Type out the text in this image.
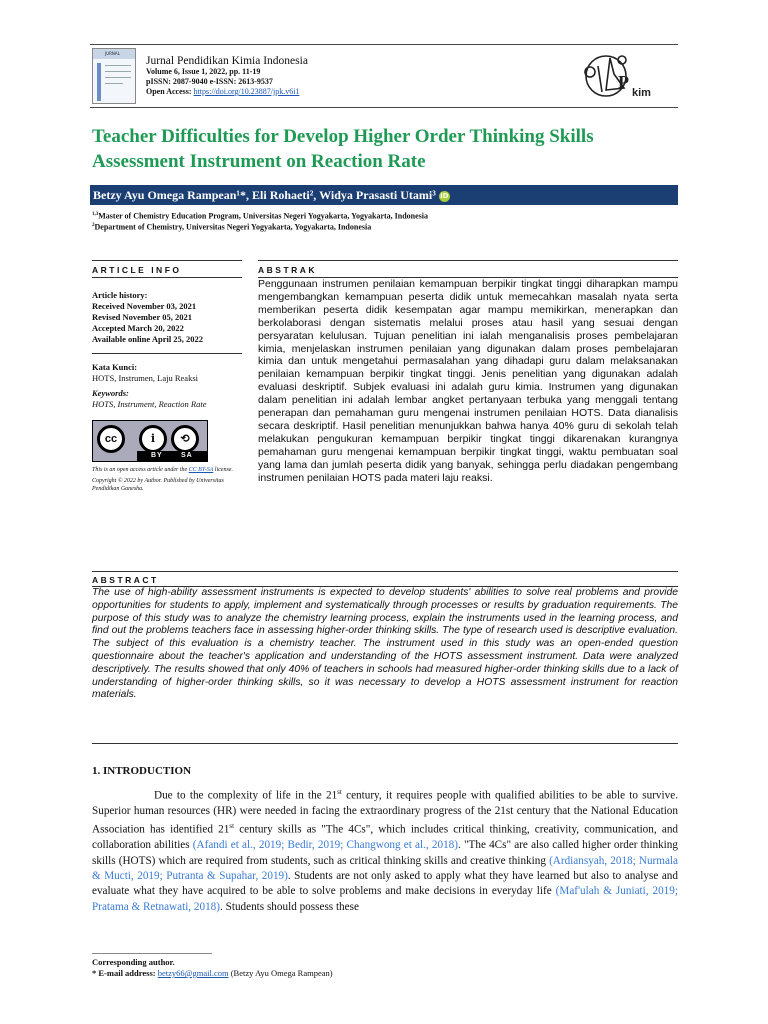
JURNAL
Jurnal Pendidikan Kimia Indonesia
Volume 6, Issue 1, 2022, pp. 11-19
pISSN: 2087-9040 e-ISSN: 2613-9537
Open Access: https://doi.org/10.23887/jpk.v6i1	P
kim
Teacher Difficulties for Develop Higher Order Thinking Skills
Assessment Instrument on Reaction Rate
Betzy Ayu Omega Rampean¹*, Eli Rohaeti², Widya Prasasti Utami³ iD
$^{1,3}$Master of Chemistry Education Program, Universitas Negeri Yogyakarta, Yogyakarta, Indonesia
$^2$Department of Chemistry, Universitas Negeri Yogyakarta, Yogyakarta, Indonesia
ARTICLE INFO	ABSTRAK
Article history:
Received November 03, 2021
Revised November 05, 2021
Accepted March 20, 2022
Available online April 25, 2022
Kata Kunci:
HOTS, Instrumen, Laju Reaksi
Keywords:
HOTS, Instrument, Reaction Rate
cc	i	⟲
BY	SA
This is an open access article under the CC BY-SA license.
Copyright © 2022 by Author. Published by Universitas Pendidikan Ganesha.
Penggunaan instrumen penilaian kemampuan berpikir tingkat tinggi diharapkan mampu mengembangkan kemampuan peserta didik untuk memecahkan masalah nyata serta memberikan peserta didik kesempatan agar mampu memikirkan, menerapkan dan berkolaborasi dengan sistematis melalui proses atau hasil yang sesuai dengan persyaratan kelulusan. Tujuan penelitian ini ialah menganalisis proses pembelajaran kimia, menjelaskan instrumen penilaian yang digunakan dalam proses pembelajaran kimia dan untuk mengetahui permasalahan yang dihadapi guru dalam melaksanakan penilaian kemampuan berpikir tingkat tinggi. Jenis penelitian yang digunakan adalah evaluasi deskriptif. Subjek evaluasi ini adalah guru kimia. Instrumen yang digunakan dalam penelitian ini adalah lembar angket pertanyaan terbuka yang menggali tentang penerapan dan pemahaman guru mengenai instrumen penilaian HOTS. Data dianalisis secara deskriptif. Hasil penelitian menunjukkan bahwa hanya 40% guru di sekolah telah melakukan pengukuran kemampuan berpikir tingkat tinggi dikarenakan kurangnya pemahaman guru mengenai kemampuan berpikir tingkat tinggi, waktu pembuatan soal yang lama dan jumlah peserta didik yang banyak, sehingga perlu diadakan pengembang instrumen penilaian HOTS pada materi laju reaksi.
ABSTRACT
The use of high-ability assessment instruments is expected to develop students' abilities to solve real problems and provide opportunities for students to apply, implement and systematically through processes or results by graduation requirements. The purpose of this study was to analyze the chemistry learning process, explain the instruments used in the learning process, and find out the problems teachers face in assessing higher-order thinking skills. The type of research used is descriptive evaluation. The subject of this evaluation is a chemistry teacher. The instrument used in this study was an open-ended question questionnaire about the teacher's application and understanding of the HOTS assessment instrument. Data were analyzed descriptively. The results showed that only 40% of teachers in schools had measured higher-order thinking skills due to a lack of understanding of higher-order thinking skills, so it was necessary to develop a HOTS assessment instrument for reaction materials.
1. INTRODUCTION
Due to the complexity of life in the 21st century, it requires people with qualified abilities to be able to survive. Superior human resources (HR) were needed in facing the extraordinary progress of the 21st century that the National Education Association has identified 21st century skills as "The 4Cs", which includes critical thinking, creativity, communication, and collaboration abilities (Afandi et al., 2019; Bedir, 2019; Changwong et al., 2018). "The 4Cs" are also called higher order thinking skills (HOTS) which are required from students, such as critical thinking skills and creative thinking (Ardiansyah, 2018; Nurmala & Mucti, 2019; Putranta & Supahar, 2019). Students are not only asked to apply what they have learned but also to analyse and evaluate what they have acquired to be able to solve problems and make decisions in everyday life (Maf'ulah & Juniati, 2019; Pratama & Retnawati, 2018). Students should possess these
Corresponding author.
* E-mail address: betzy66@gmail.com (Betzy Ayu Omega Rampean)
